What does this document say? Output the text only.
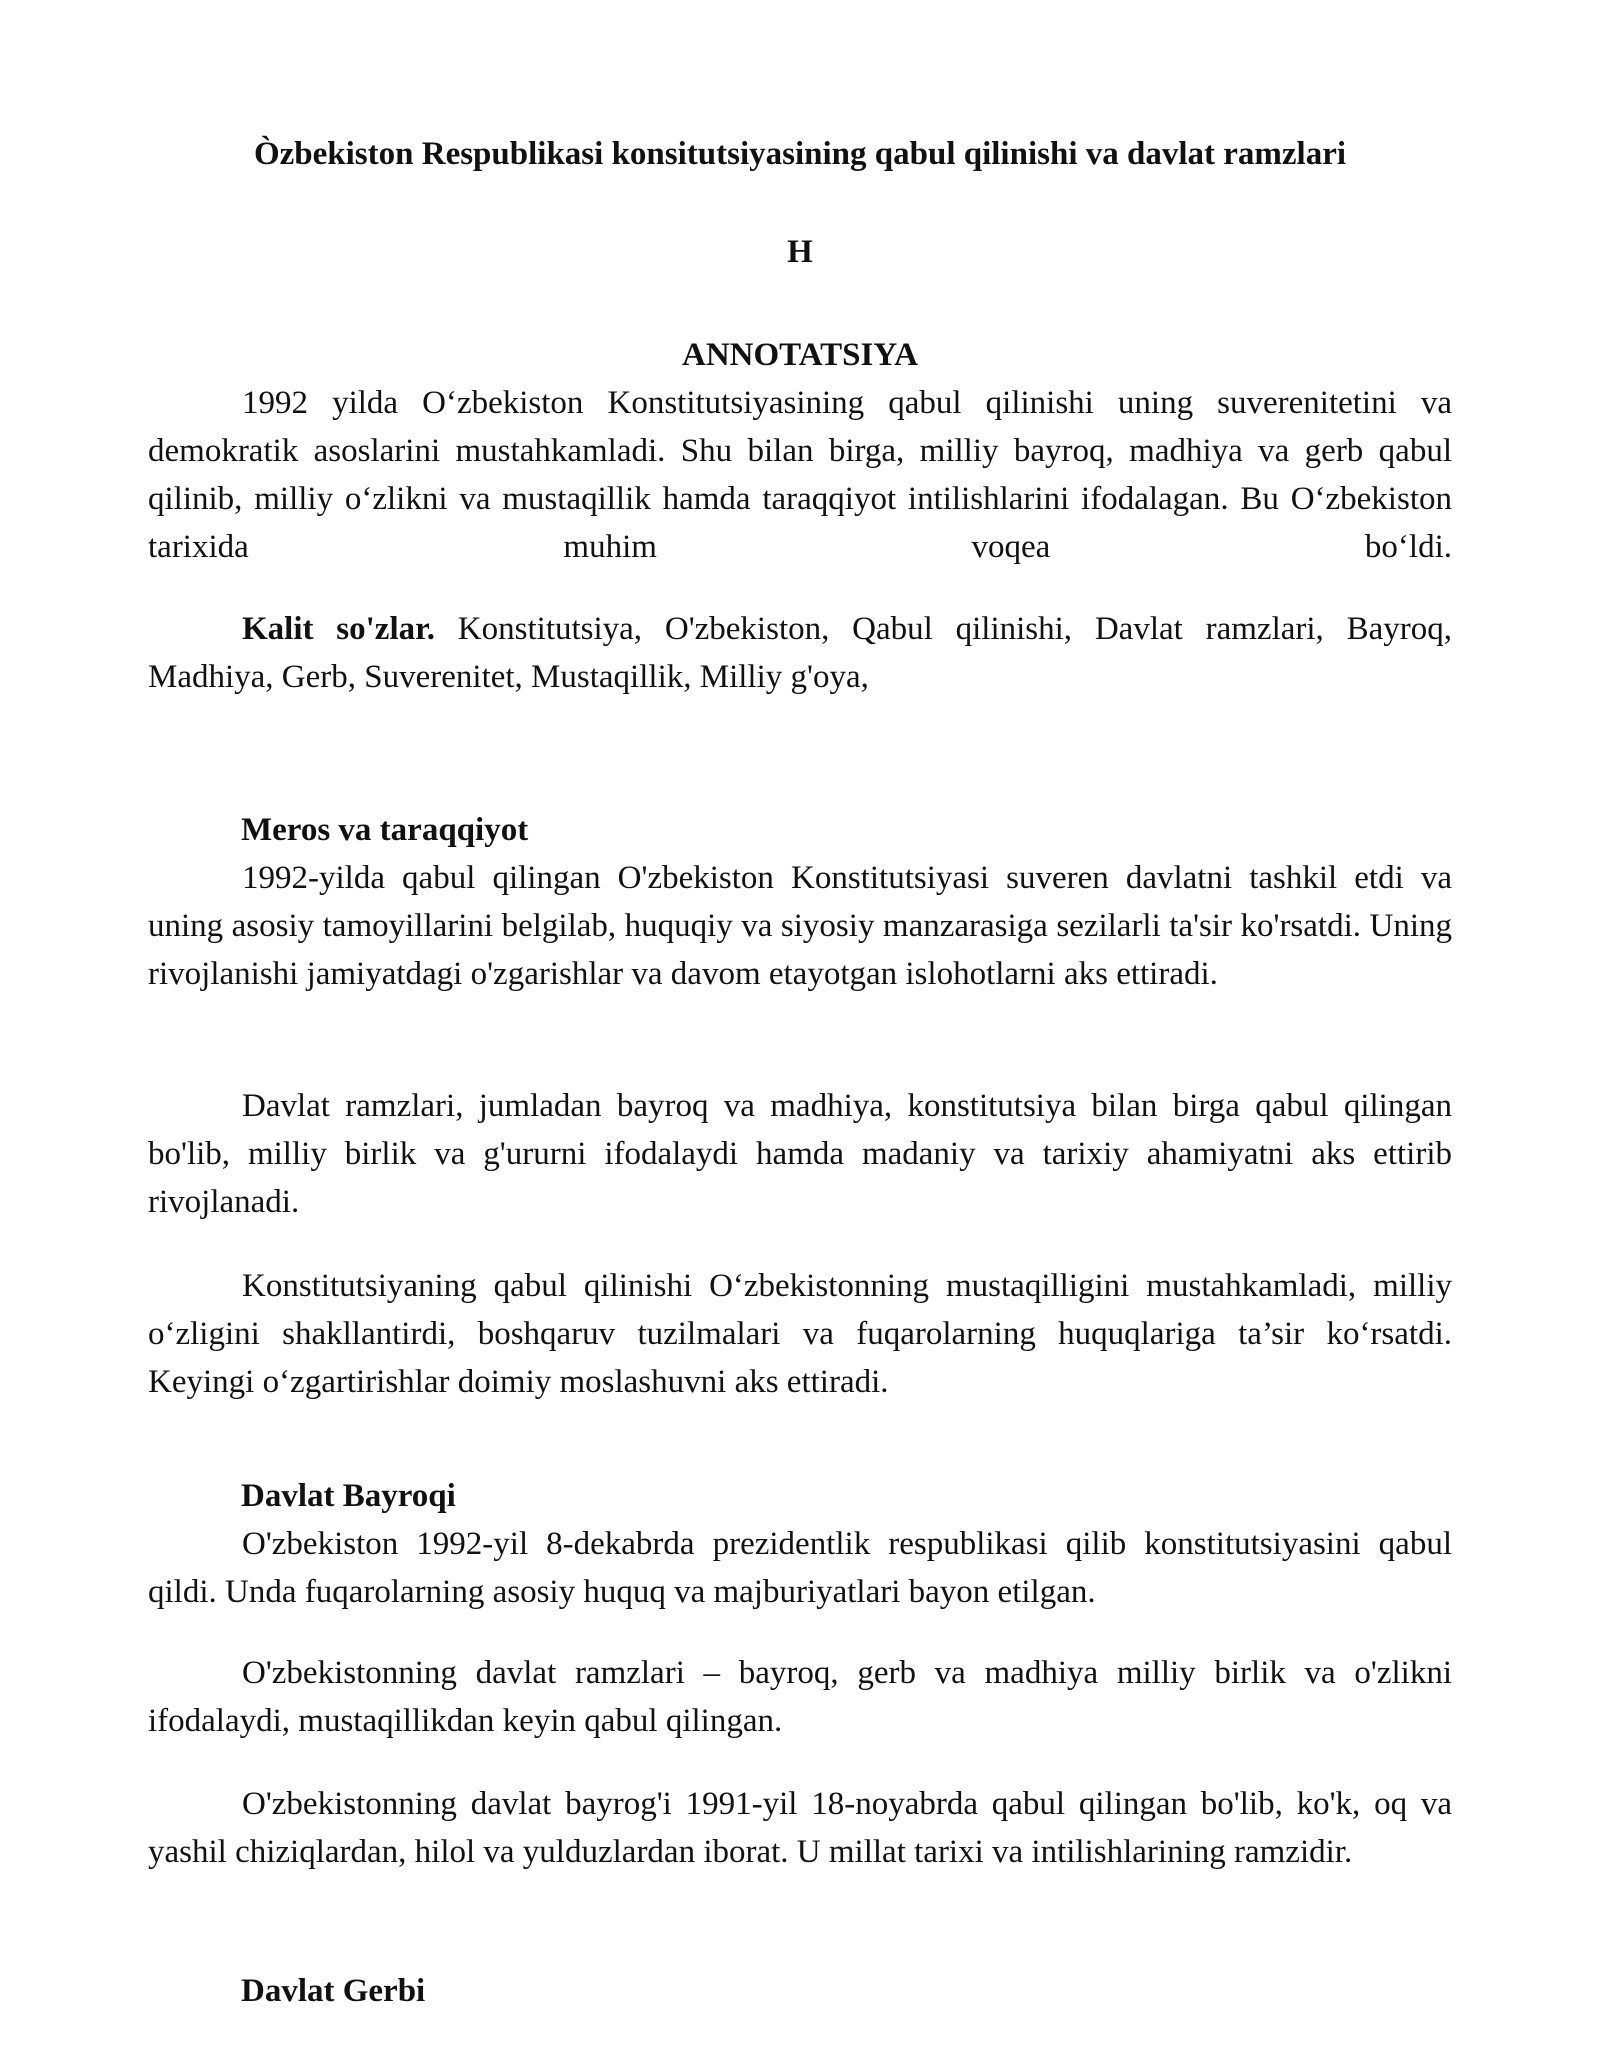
Òzbekiston Respublikasi konsitutsiyasining qabul qilinishi va davlat ramzlari
H
ANNOTATSIYA

1992 yilda O‘zbekiston Konstitutsiyasining qabul qilinishi uning suverenitetini va demokratik asoslarini mustahkamladi. Shu bilan birga, milliy bayroq, madhiya va gerb qabul qilinib, milliy o‘zlikni va mustaqillik hamda taraqqiyot intilishlarini ifodalagan. Bu O‘zbekiston tarixida muhim voqea bo‘ldi.

Kalit so'zlar. Konstitutsiya, O'zbekiston, Qabul qilinishi, Davlat ramzlari, Bayroq, Madhiya, Gerb, Suverenitet, Mustaqillik, Milliy g'oya,

Meros va taraqqiyot

1992-yilda qabul qilingan O'zbekiston Konstitutsiyasi suveren davlatni tashkil etdi va uning asosiy tamoyillarini belgilab, huquqiy va siyosiy manzarasiga sezilarli ta'sir ko'rsatdi. Uning rivojlanishi jamiyatdagi o'zgarishlar va davom etayotgan islohotlarni aks ettiradi.

Davlat ramzlari, jumladan bayroq va madhiya, konstitutsiya bilan birga qabul qilingan bo'lib, milliy birlik va g'ururni ifodalaydi hamda madaniy va tarixiy ahamiyatni aks ettirib rivojlanadi.

Konstitutsiyaning qabul qilinishi O‘zbekistonning mustaqilligini mustahkamladi, milliy o‘zligini shakllantirdi, boshqaruv tuzilmalari va fuqarolarning huquqlariga ta’sir ko‘rsatdi. Keyingi o‘zgartirishlar doimiy moslashuvni aks ettiradi.

Davlat Bayroqi

O'zbekiston 1992-yil 8-dekabrda prezidentlik respublikasi qilib konstitutsiyasini qabul qildi. Unda fuqarolarning asosiy huquq va majburiyatlari bayon etilgan.

O'zbekistonning davlat ramzlari – bayroq, gerb va madhiya milliy birlik va o'zlikni ifodalaydi, mustaqillikdan keyin qabul qilingan.

O'zbekistonning davlat bayrog'i 1991-yil 18-noyabrda qabul qilingan bo'lib, ko'k, oq va yashil chiziqlardan, hilol va yulduzlardan iborat. U millat tarixi va intilishlarining ramzidir.

Davlat Gerbi
